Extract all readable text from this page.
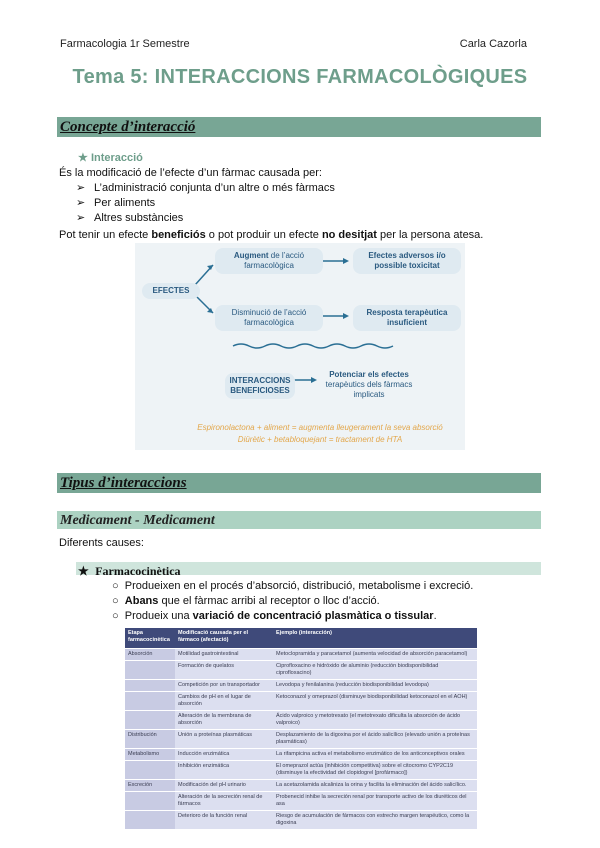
Farmacologia 1r Semestre	Carla Cazorla
Tema 5: INTERACCIONS FARMACOLÒGIQUES
Concepte d’interacció
★ Interacció
És la modificació de l’efecte d’un fàrmac causada per:
➢ L’administració conjunta d’un altre o més fàrmacs
➢ Per aliments
➢ Altres substàncies
Pot tenir un efecte beneficiós o pot produir un efecte no desitjat per la persona atesa.
EFECTES
Augment de l’acció farmacològica
Disminució de l’acció farmacològica
Efectes adversos i/o possible toxicitat
Resposta terapèutica insuficient
INTERACCIONS BENEFICIOSES
Potenciar els efectes terapèutics dels fàrmacs implicats
Espironolactona + aliment = augmenta lleugerament la seva absorció
Diürètic + betabloquejant = tractament de HTA
Tipus d’interaccions
Medicament - Medicament
Diferents causes:
★ Farmacocinètica
○ Produeixen en el procés d’absorció, distribució, metabolisme i excreció.
○ Abans que el fàrmac arribi al receptor o lloc d’acció.
○ Produeix una variació de concentració plasmàtica o tissular.
Etapa farmacocinètica	Modificació causada per el fàrmaco (afectació)	Ejemplo (interacción)
Absorción	Motilidad gastrointestinal	Metoclopramida y paracetamol (aumenta velocidad de absorción paracetamol)
	Formación de quelatos	Ciprofloxacino e hidróxido de aluminio (reducción biodisponibilidad ciprofloxacino)
	Competición por un transportador	Levodopa y fenilalanina (reducción biodisponibilidad levodopa)
	Cambios de pH en el lugar de absorción	Ketoconazol y omeprazol (disminuye biodisponibilidad ketoconazol en el AOH)
	Alteración de la membrana de absorción	Ácido valproico y metotrexato (el metotrexato dificulta la absorción de ácido valproico)
Distribución	Unión a proteínas plasmáticas	Desplazamiento de la digoxina por el ácido salicílico (elevado unión a proteínas plasmáticas)
Metabolismo	Inducción enzimática	La rifampicina activa el metabolismo enzimático de los anticonceptivos orales
	Inhibición enzimática	El omeprazol actúa (inhibición competitiva) sobre el citocromo CYP2C19 (disminuye la efectividad del clopidogrel [profármaco])
Excreción	Modificación del pH urinario	La acetazolamida alcaliniza la orina y facilita la eliminación del ácido salicílico.
	Alteración de la secreción renal de fármacos	Probenecid inhibe la secreción renal por transporte activo de los diuréticos del asa
	Deterioro de la función renal	Riesgo de acumulación de fármacos con estrecho margen terapéutico, como la digoxina
